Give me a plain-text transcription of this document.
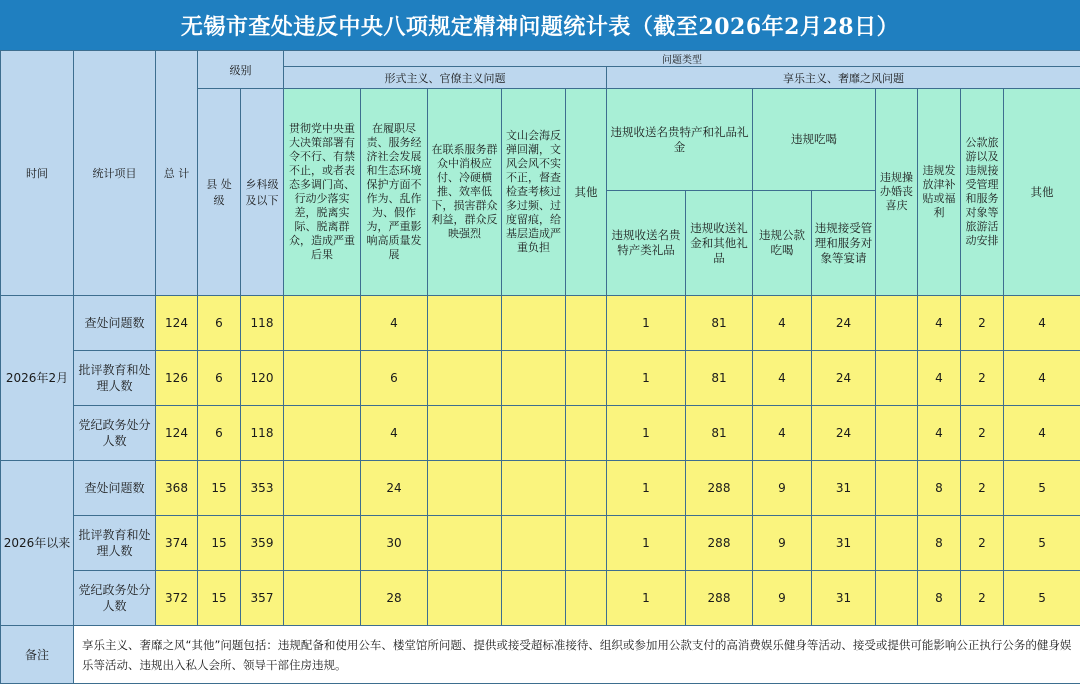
无锡市查处违反中央八项规定精神问题统计表（截至2026年2月28日）
时间	统计项目	总 计	级别		问题类型												
					形式主义、官僚主义问题					享乐主义、奢靡之风问题							
			县 处 级	乡科级及以下	贯彻党中央重大决策部署有令不行、有禁不止，或者表态多调门高、行动少落实差，脱离实际、脱离群众，造成严重后果	在履职尽责、服务经济社会发展和生态环境保护方面不作为、乱作为、假作为，严重影响高质量发展	在联系服务群众中消极应付、冷硬横推、效率低下，损害群众利益，群众反映强烈	文山会海反弹回潮，文风会风不实不正，督查检查考核过多过频、过度留痕，给基层造成严重负担	其他	违规收送名贵特产和礼品礼金		违规吃喝		违规操办婚丧喜庆	违规发放津补贴或福利	公款旅游以及违规接受管理和服务对象等旅游活动安排	其他
										违规收送名贵特产类礼品	违规收送礼金和其他礼品	违规公款吃喝	违规接受管理和服务对象等宴请				
2026年2月	查处问题数	124	6	118		4				1	81	4	24		4	2	4
	批评教育和处理人数	126	6	120		6				1	81	4	24		4	2	4
	党纪政务处分人数	124	6	118		4				1	81	4	24		4	2	4
2026年以来	查处问题数	368	15	353		24				1	288	9	31		8	2	5
	批评教育和处理人数	374	15	359		30				1	288	9	31		8	2	5
	党纪政务处分人数	372	15	357		28				1	288	9	31		8	2	5
备注	享乐主义、奢靡之风“其他”问题包括：违规配备和使用公车、楼堂馆所问题、提供或接受超标准接待、组织或参加用公款支付的高消费娱乐健身等活动、接受或提供可能影响公正执行公务的健身娱乐等活动、违规出入私人会所、领导干部住房违规。																
